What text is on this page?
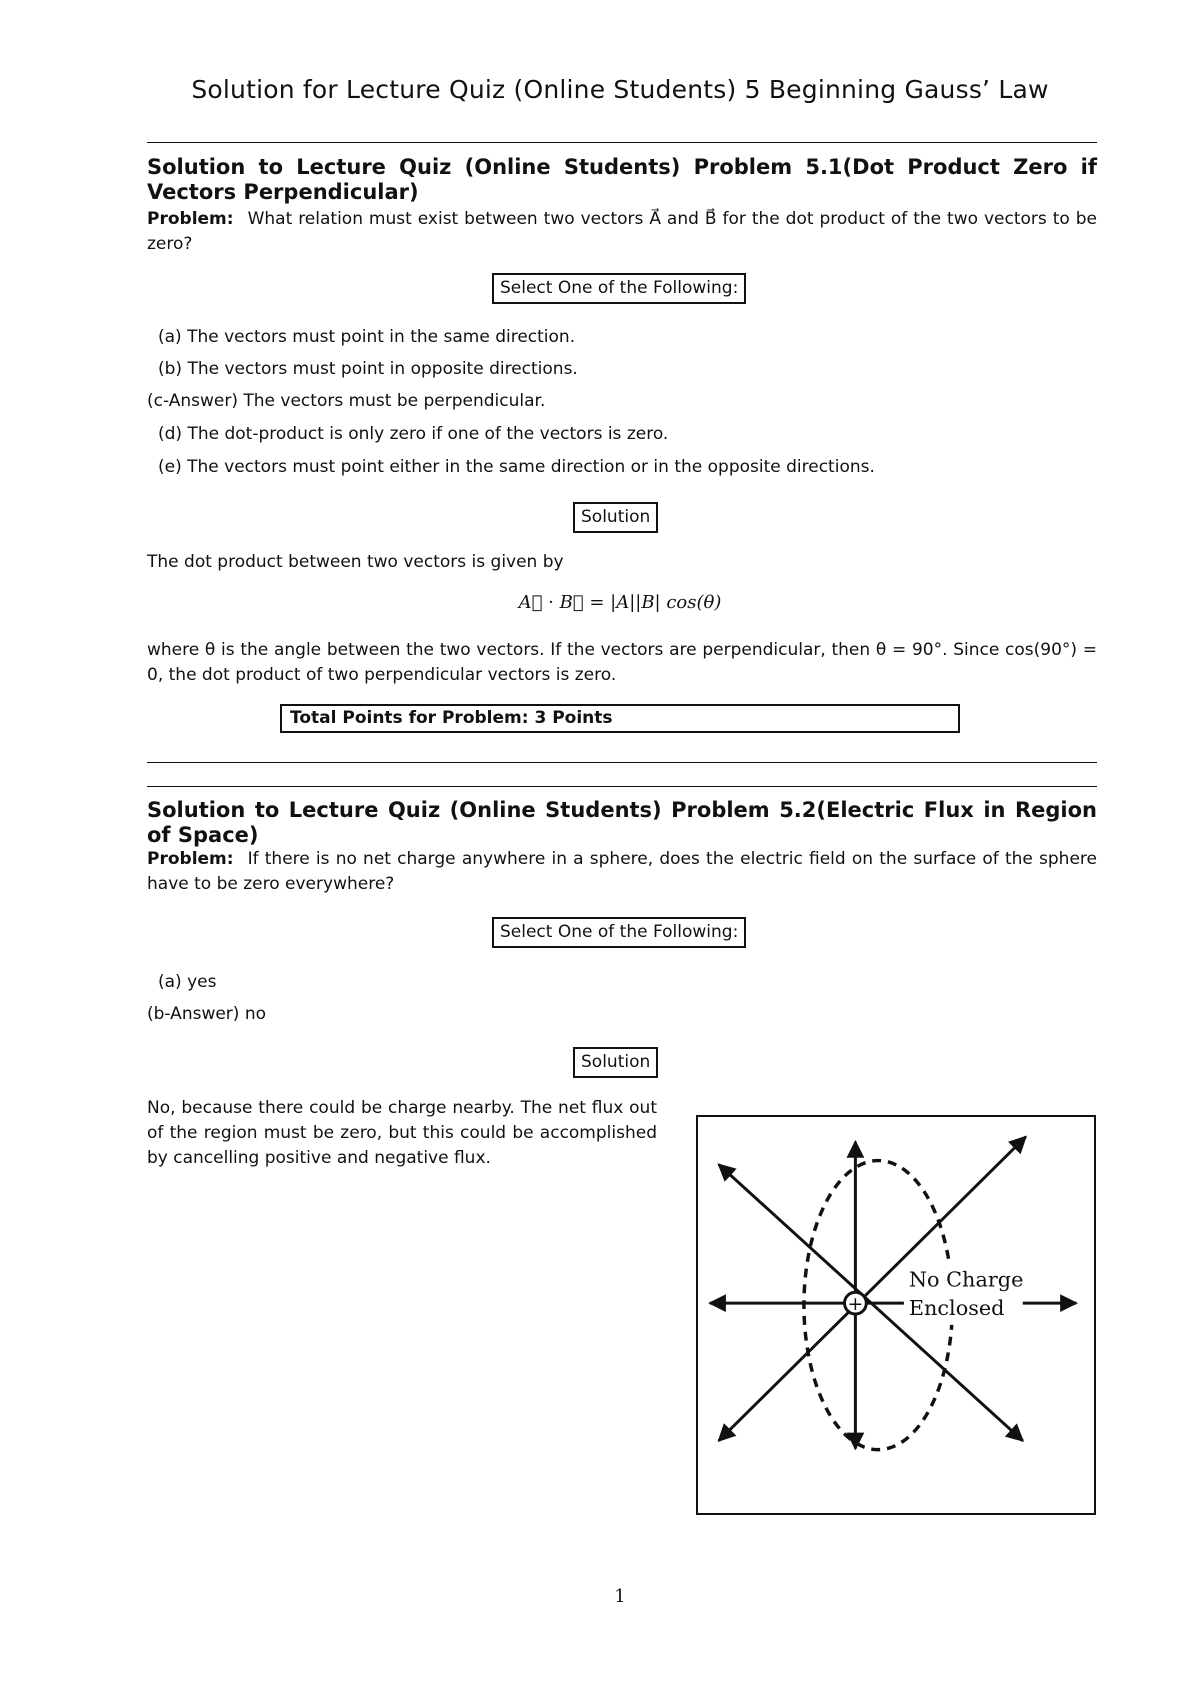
Solution for Lecture Quiz (Online Students) 5 Beginning Gauss’ Law
Solution to Lecture Quiz (Online Students) Problem 5.1(Dot Product Zero if Vectors Perpendicular)
Problem: What relation must exist between two vectors A⃗ and B⃗ for the dot product of the two vectors to be zero?
Select One of the Following:
(a) The vectors must point in the same direction.
(b) The vectors must point in opposite directions.
(c-Answer) The vectors must be perpendicular.
(d) The dot-product is only zero if one of the vectors is zero.
(e) The vectors must point either in the same direction or in the opposite directions.
Solution
The dot product between two vectors is given by
A⃗ · B⃗ = |A||B| cos(θ)
where θ is the angle between the two vectors. If the vectors are perpendicular, then θ = 90°. Since cos(90°) = 0, the dot product of two perpendicular vectors is zero.
Total Points for Problem: 3 Points
Solution to Lecture Quiz (Online Students) Problem 5.2(Electric Flux in Region of Space)
Problem: If there is no net charge anywhere in a sphere, does the electric field on the surface of the sphere have to be zero everywhere?
Select One of the Following:
(a) yes
(b-Answer) no
Solution
No, because there could be charge nearby. The net flux out of the region must be zero, but this could be accomplished by cancelling positive and negative flux.
+
No Charge
Enclosed
1
